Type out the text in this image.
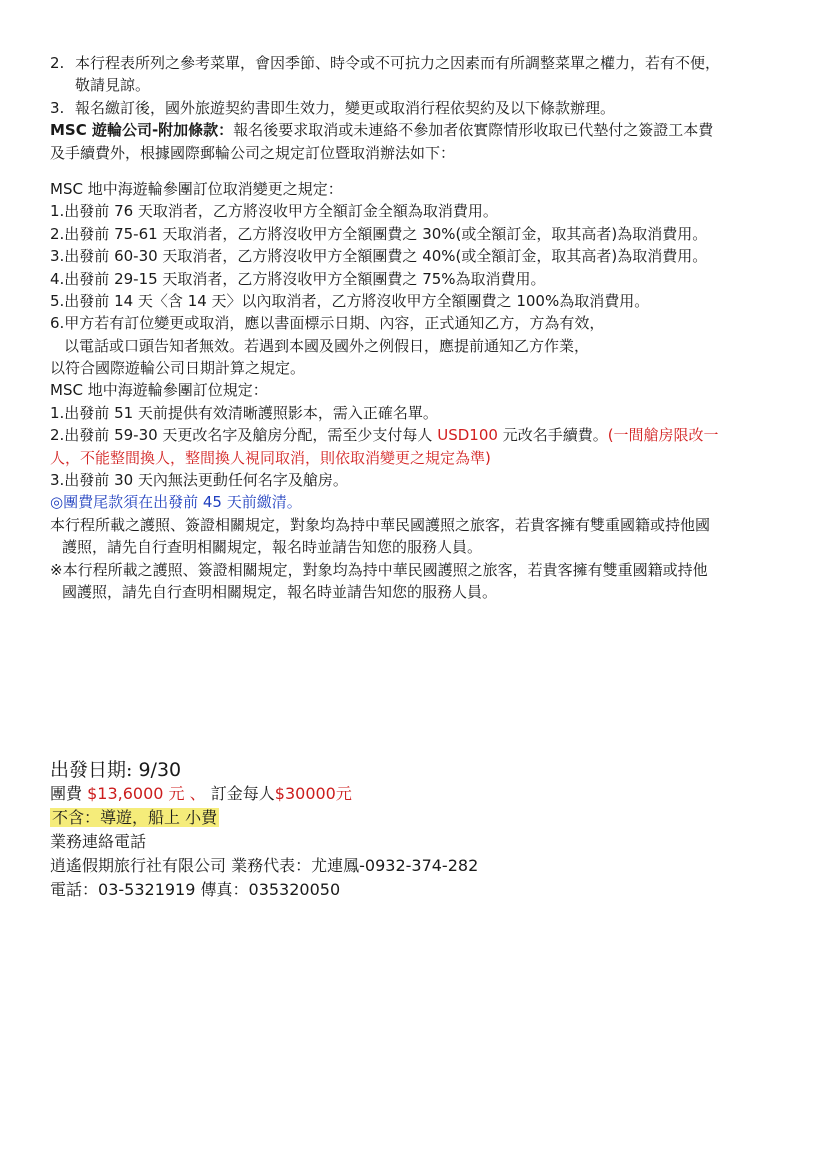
2. 本行程表所列之參考菜單，會因季節、時令或不可抗力之因素而有所調整菜單之權力，若有不便，
敬請見諒。
3. 報名繳訂後，國外旅遊契約書即生效力，變更或取消行程依契約及以下條款辦理。
MSC 遊輪公司-附加條款：報名後要求取消或未連絡不參加者依實際情形收取已代墊付之簽證工本費
及手續費外，根據國際郵輪公司之規定訂位暨取消辦法如下：
MSC 地中海遊輪參團訂位取消變更之規定：
1.出發前 76 天取消者，乙方將沒收甲方全額訂金全額為取消費用。
2.出發前 75-61 天取消者，乙方將沒收甲方全額團費之 30%(或全額訂金，取其高者)為取消費用。
3.出發前 60-30 天取消者，乙方將沒收甲方全額團費之 40%(或全額訂金，取其高者)為取消費用。
4.出發前 29-15 天取消者，乙方將沒收甲方全額團費之 75%為取消費用。
5.出發前 14 天〈含 14 天〉以內取消者，乙方將沒收甲方全額團費之 100%為取消費用。
6.甲方若有訂位變更或取消，應以書面標示日期、內容，正式通知乙方，方為有效，
以電話或口頭告知者無效。若遇到本國及國外之例假日，應提前通知乙方作業，
以符合國際遊輪公司日期計算之規定。
MSC 地中海遊輪參團訂位規定：
1.出發前 51 天前提供有效清晰護照影本，需入正確名單。
2.出發前 59-30 天更改名字及艙房分配，需至少支付每人 USD100 元改名手續費。(一間艙房限改一
人，不能整間換人，整間換人視同取消，則依取消變更之規定為準)
3.出發前 30 天內無法更動任何名字及艙房。
◎團費尾款須在出發前 45 天前繳清。
本行程所載之護照、簽證相關規定，對象均為持中華民國護照之旅客，若貴客擁有雙重國籍或持他國
護照，請先自行查明相關規定，報名時並請告知您的服務人員。
※本行程所載之護照、簽證相關規定，對象均為持中華民國護照之旅客，若貴客擁有雙重國籍或持他
國護照，請先自行查明相關規定，報名時並請告知您的服務人員。
出發日期: 9/30
團費 $13,6000 元 、 訂金每人$30000元
不含：導遊，船上 小費
業務連絡電話
逍遙假期旅行社有限公司 業務代表：尤連鳳-0932-374-282
電話：03-5321919 傳真：035320050
